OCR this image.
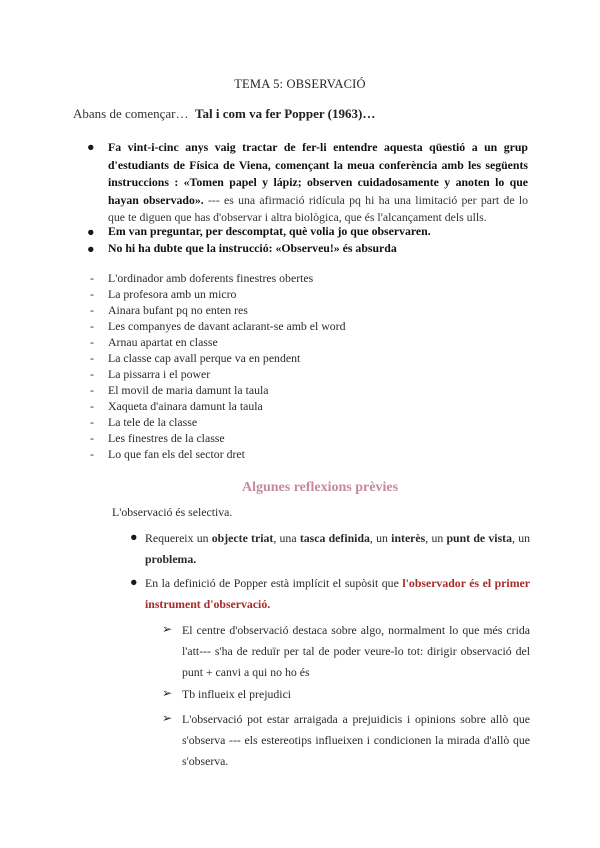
TEMA 5: OBSERVACIÓ
Abans de començar… Tal i com va fer Popper (1963)…
● Fa vint-i-cinc anys vaig tractar de fer-li entendre aquesta qüestió a un grup d'estudiants de Física de Viena, començant la meua conferència amb les següents instruccions : «Tomen papel y lápiz; observen cuidadosamente y anoten lo que hayan observado». --- es una afirmació ridícula pq hi ha una limitació per part de lo que te diguen que has d'observar i altra biològica, que és l'alcançament dels ulls.
● Em van preguntar, per descomptat, què volia jo que observaren.
● No hi ha dubte que la instrucció: «Observeu!» és absurda
- L'ordinador amb doferents finestres obertes
- La profesora amb un micro
- Ainara bufant pq no enten res
- Les companyes de davant aclarant-se amb el word
- Arnau apartat en classe
- La classe cap avall perque va en pendent
- La pissarra i el power
- El movil de maria damunt la taula
- Xaqueta d'ainara damunt la taula
- La tele de la classe
- Les finestres de la classe
- Lo que fan els del sector dret
Algunes reflexions prèvies
L'observació és selectiva.
● Requereix un objecte triat, una tasca definida, un interès, un punt de vista, un problema.
● En la definició de Popper està implícit el supòsit que l'observador és el primer instrument d'observació.
➢ El centre d'observació destaca sobre algo, normalment lo que més crida l'att--- s'ha de reduïr per tal de poder veure-lo tot: dirigir observació del punt + canvi a qui no ho és
➢ Tb influeix el prejudici
➢ L'observació pot estar arraigada a prejuidicis i opinions sobre allò que s'observa --- els estereotips influeixen i condicionen la mirada d'allò que s'observa.
